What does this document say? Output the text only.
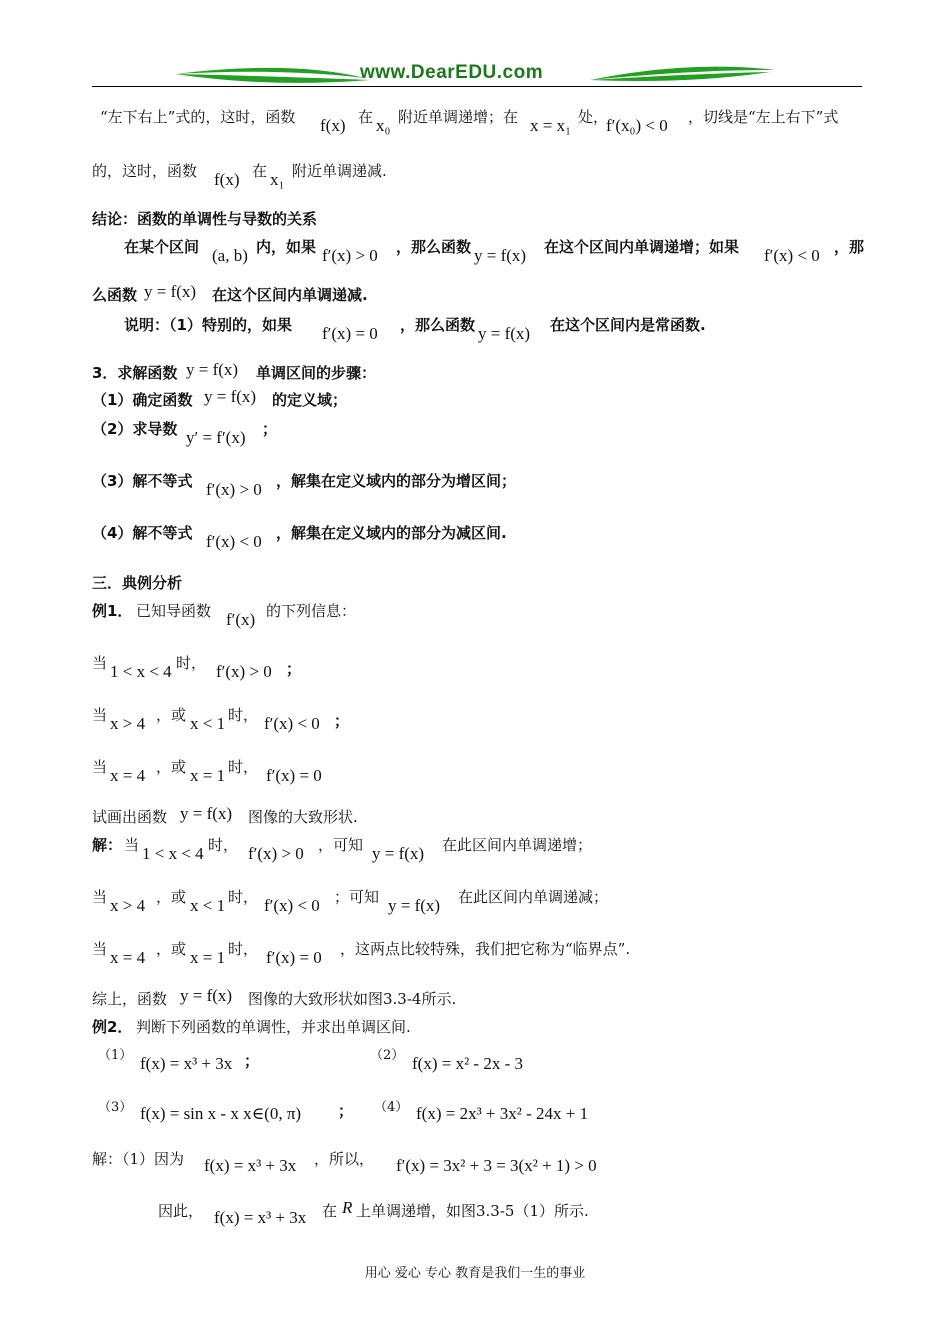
www.DearEDU.com
“左下右上”式的，这时，函数 f(x) 在 x₀ 附近单调递增；在 x = x₁ 处，
f′(x₀) < 0 ，切线是“左上右下”式
的，这时，函数 f(x) 在 x₁ 附近单调递减.
结论：函数的单调性与导数的关系
在某个区间 (a, b) 内，如果 f′(x) > 0 ，那么函数 y = f(x) 在这个区间内单调递增；如果 f′(x) < 0 ，那
么函数 y = f(x) 在这个区间内单调递减.
说明：（1）特别的，如果 f′(x) = 0 ，那么函数 y = f(x) 在这个区间内是常函数.
3．求解函数 y = f(x) 单调区间的步骤：
（1）确定函数 y = f(x) 的定义域；
（2）求导数 y′ = f′(x) ；
（3）解不等式 f′(x) > 0 ，解集在定义域内的部分为增区间；
（4）解不等式 f′(x) < 0 ，解集在定义域内的部分为减区间.
三．典例分析
例1． 已知导函数 f′(x) 的下列信息：
当 1 < x < 4 时， f′(x) > 0 ；
当 x > 4 ，或 x < 1 时， f′(x) < 0 ；
当 x = 4 ，或 x = 1 时， f′(x) = 0
试画出函数 y = f(x) 图像的大致形状.
解： 当 1 < x < 4 时， f′(x) > 0 ，可知 y = f(x) 在此区间内单调递增；
当 x > 4 ，或 x < 1 时， f′(x) < 0 ；可知 y = f(x) 在此区间内单调递减；
当 x = 4 ，或 x = 1 时， f′(x) = 0 ，这两点比较特殊，我们把它称为“临界点”.
综上，函数 y = f(x) 图像的大致形状如图3.3-4所示.
例2． 判断下列函数的单调性，并求出单调区间.
（1） f(x) = x³ + 3x ；	（2） f(x) = x² - 2x - 3
（3） f(x) = sin x - x x∈(0, π) ； （4） f(x) = 2x³ + 3x² - 24x + 1
解：（1）因为 f(x) = x³ + 3x ，所以， f′(x) = 3x² + 3 = 3(x² + 1) > 0
因此， f(x) = x³ + 3x 在 R 上单调递增，如图3.3-5（1）所示.
用心 爱心 专心 教育是我们一生的事业
